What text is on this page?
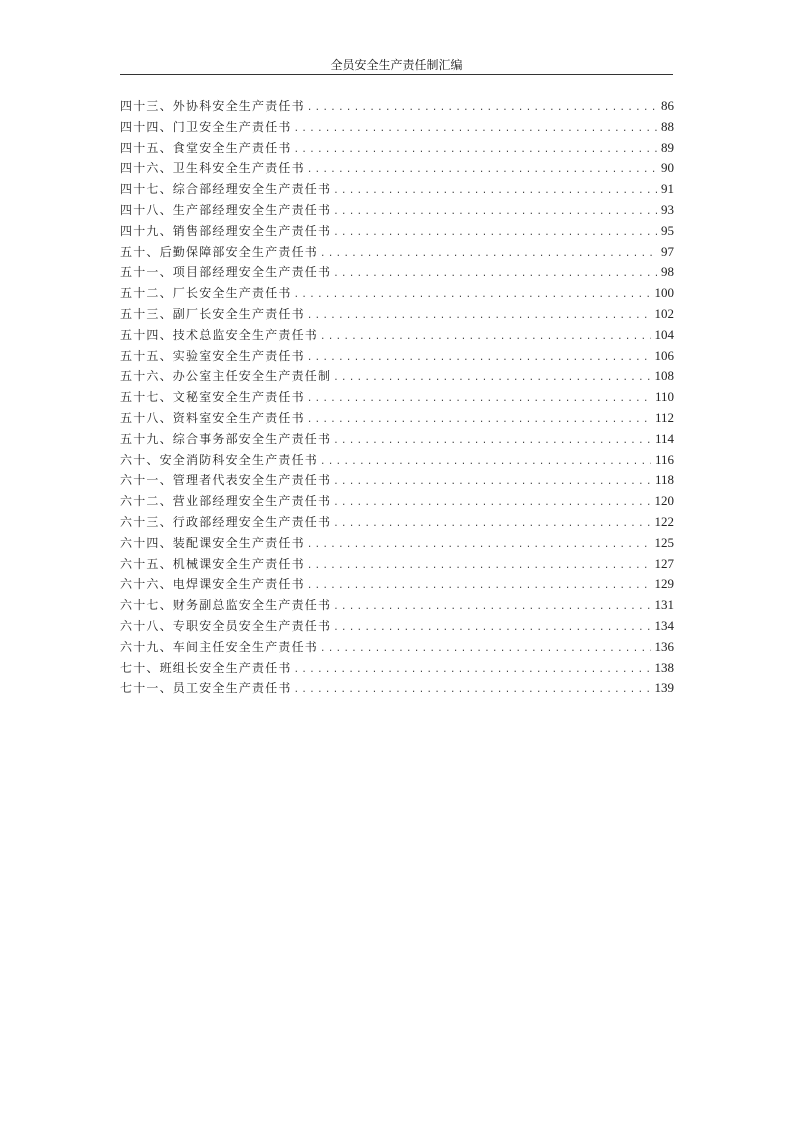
全员安全生产责任制汇编
四十三、外协科安全生产责任书 .....	86
四十四、门卫安全生产责任书 .....	88
四十五、食堂安全生产责任书 .....	89
四十六、卫生科安全生产责任书 .....	90
四十七、综合部经理安全生产责任书 .....	91
四十八、生产部经理安全生产责任书 .....	93
四十九、销售部经理安全生产责任书 .....	95
五十、后勤保障部安全生产责任书 .....	97
五十一、项目部经理安全生产责任书 .....	98
五十二、厂长安全生产责任书 .....	100
五十三、副厂长安全生产责任书 .....	102
五十四、技术总监安全生产责任书 .....	104
五十五、实验室安全生产责任书 .....	106
五十六、办公室主任安全生产责任制 .....	108
五十七、文秘室安全生产责任书 .....	110
五十八、资料室安全生产责任书 .....	112
五十九、综合事务部安全生产责任书 .....	114
六十、安全消防科安全生产责任书 .....	116
六十一、管理者代表安全生产责任书 .....	118
六十二、营业部经理安全生产责任书 .....	120
六十三、行政部经理安全生产责任书 .....	122
六十四、装配课安全生产责任书 .....	125
六十五、机械课安全生产责任书 .....	127
六十六、电焊课安全生产责任书 .....	129
六十七、财务副总监安全生产责任书 .....	131
六十八、专职安全员安全生产责任书 .....	134
六十九、车间主任安全生产责任书 .....	136
七十、班组长安全生产责任书 .....	138
七十一、员工安全生产责任书 .....	139
